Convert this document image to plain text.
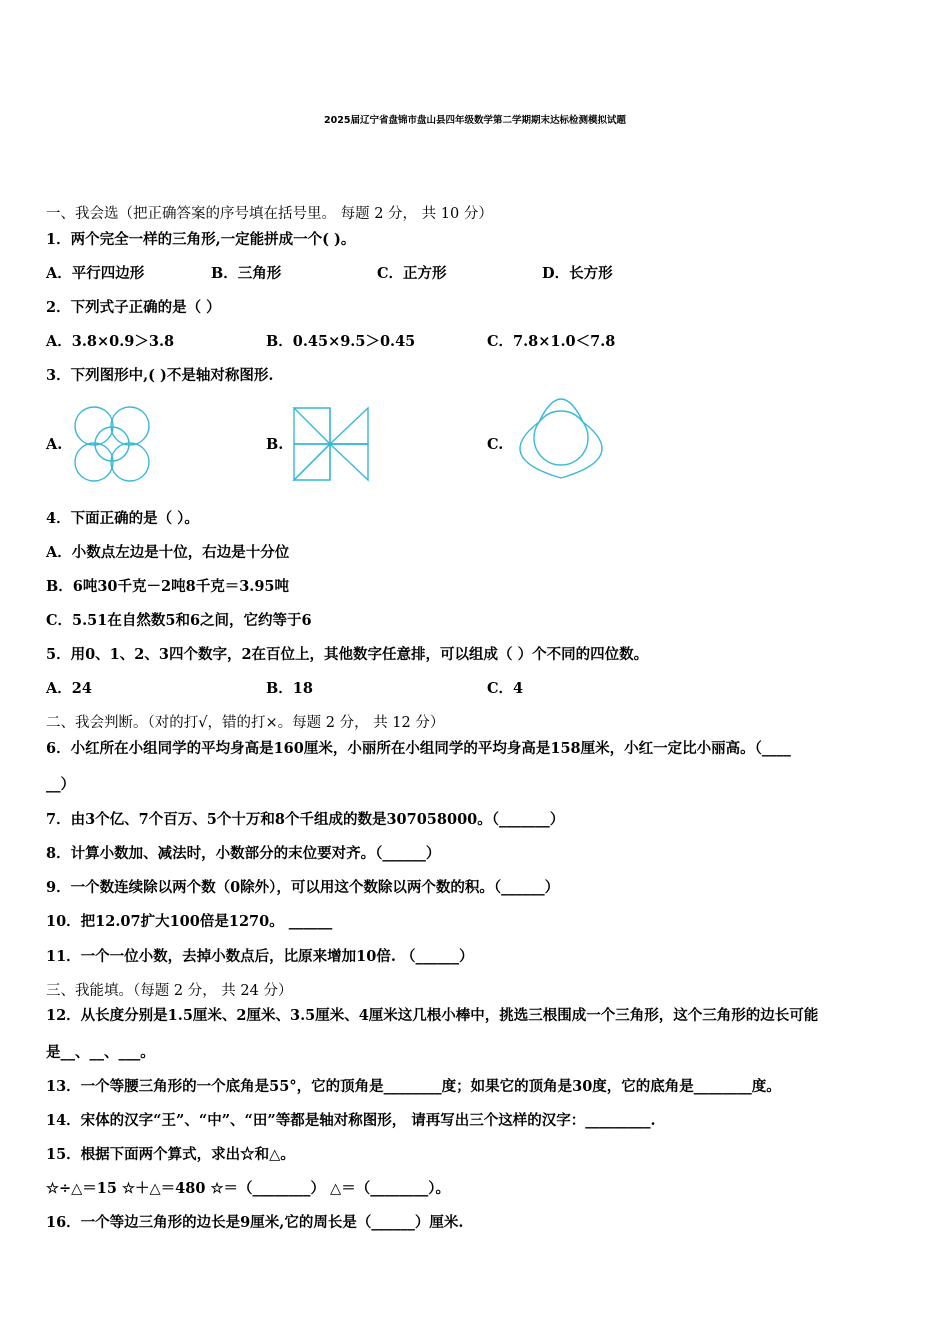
2025届辽宁省盘锦市盘山县四年级数学第二学期期末达标检测模拟试题
一、我会选（把正确答案的序号填在括号里。 每题 2 分， 共 10 分）
1．两个完全一样的三角形,一定能拼成一个( )。
A．平行四边形	B．三角形	C．正方形	D．长方形
2．下列式子正确的是（ ）
A．3.8×0.9＞3.8	B．0.45×9.5＞0.45	C．7.8×1.0＜7.8
3．下列图形中,( )不是轴对称图形.
A.	B.	C.
4．下面正确的是（ ）。
A．小数点左边是十位，右边是十分位
B．6吨30千克－2吨8千克＝3.95吨
C．5.51在自然数5和6之间，它约等于6
5．用0、1、2、3四个数字，2在百位上，其他数字任意排，可以组成（ ）个不同的四位数。
A．24	B．18	C．4
二、我会判断。（对的打√，错的打×。每题 2 分， 共 12 分）
6．小红所在小组同学的平均身高是160厘米，小丽所在小组同学的平均身高是158厘米，小红一定比小丽高。（____
__）
7．由3个亿、7个百万、5个十万和8个千组成的数是307058000。（_______）
8．计算小数加、减法时，小数部分的末位要对齐。（______）
9．一个数连续除以两个数（0除外），可以用这个数除以两个数的积。（______）
10．把12.07扩大100倍是1270。 ______
11．一个一位小数，去掉小数点后，比原来增加10倍. （______）
三、我能填。（每题 2 分， 共 24 分）
12．从长度分别是1.5厘米、2厘米、3.5厘米、4厘米这几根小棒中，挑选三根围成一个三角形，这个三角形的边长可能
是__、__、___。
13．一个等腰三角形的一个底角是55°，它的顶角是________度；如果它的顶角是30度，它的底角是________度。
14．宋体的汉字“王”、“中”、“田”等都是轴对称图形， 请再写出三个这样的汉字：_________.
15．根据下面两个算式，求出☆和△。
☆÷△＝15 ☆＋△＝480 ☆＝（________） △＝（________）。
16．一个等边三角形的边长是9厘米,它的周长是（______）厘米.
